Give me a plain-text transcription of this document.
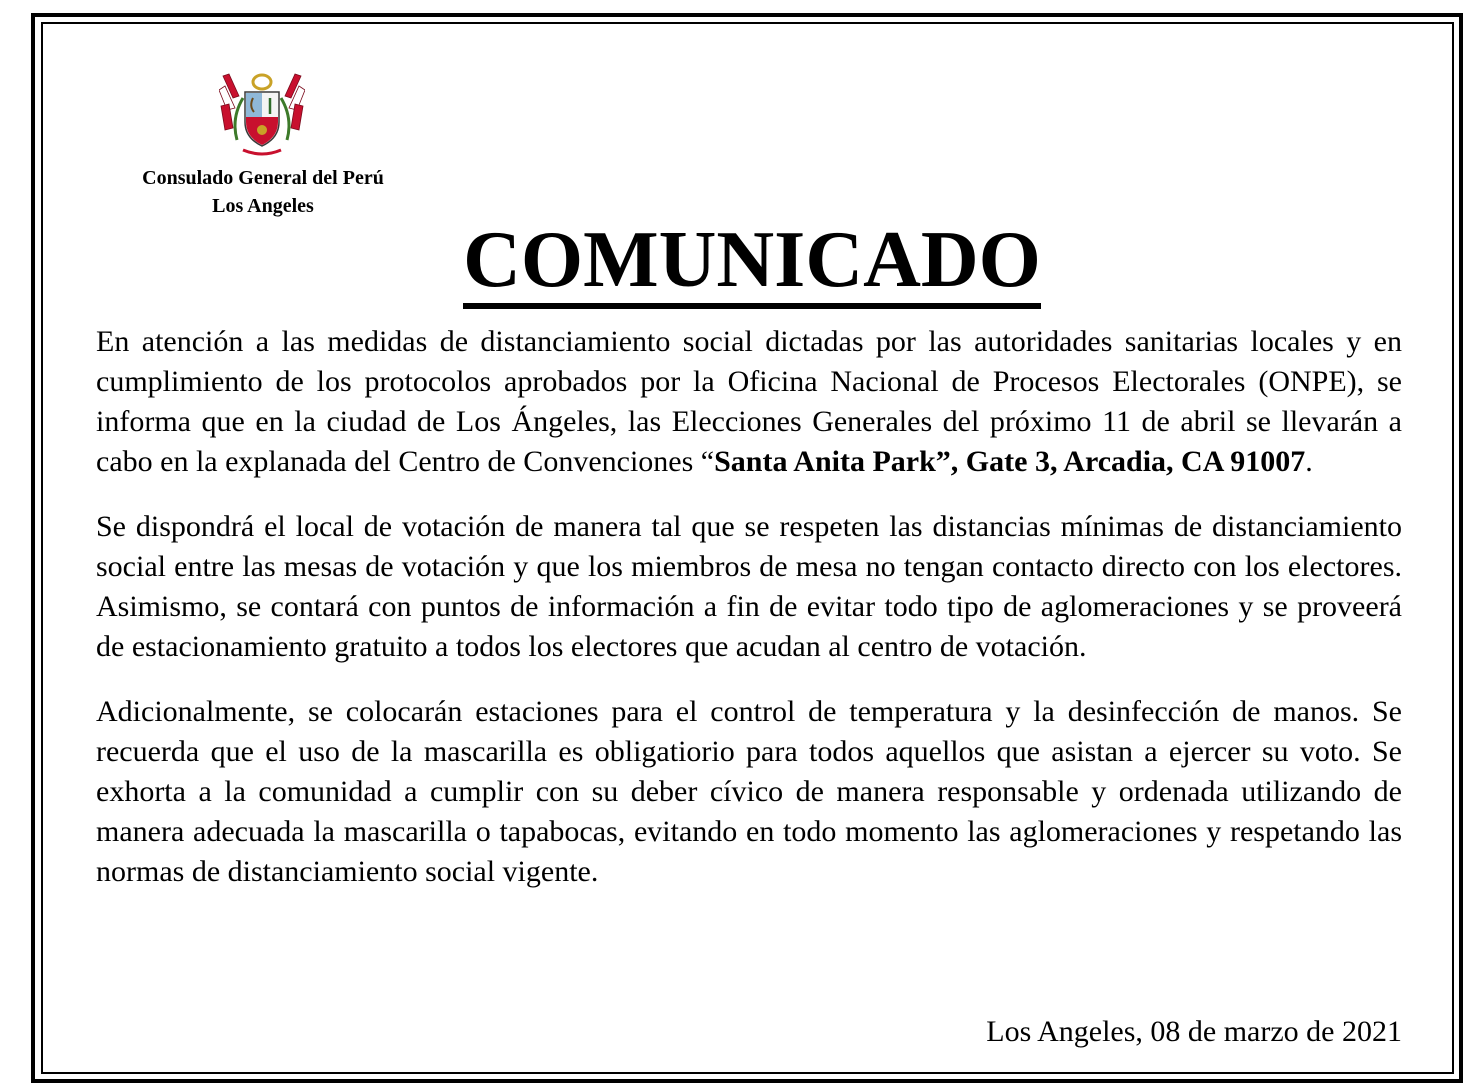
Consulado General del Perú
Los Angeles
COMUNICADO

En atención a las medidas de distanciamiento social dictadas por las autoridades sanitarias locales y en cumplimiento de los protocolos aprobados por la Oficina Nacional de Procesos Electorales (ONPE), se informa que en la ciudad de Los Ángeles, las Elecciones Generales del próximo 11 de abril se llevarán a cabo en la explanada del Centro de Convenciones “Santa Anita Park”, Gate 3, Arcadia, CA 91007.

Se dispondrá el local de votación de manera tal que se respeten las distancias mínimas de distanciamiento social entre las mesas de votación y que los miembros de mesa no tengan contacto directo con los electores. Asimismo, se contará con puntos de información a fin de evitar todo tipo de aglomeraciones y se proveerá de estacionamiento gratuito a todos los electores que acudan al centro de votación.

Adicionalmente, se colocarán estaciones para el control de temperatura y la desinfección de manos. Se recuerda que el uso de la mascarilla es obligatiorio para todos aquellos que asistan a ejercer su voto. Se exhorta a la comunidad a cumplir con su deber cívico de manera responsable y ordenada utilizando de manera adecuada la mascarilla o tapabocas, evitando en todo momento las aglomeraciones y respetando las normas de distanciamiento social vigente.

Los Angeles, 08 de marzo de 2021
